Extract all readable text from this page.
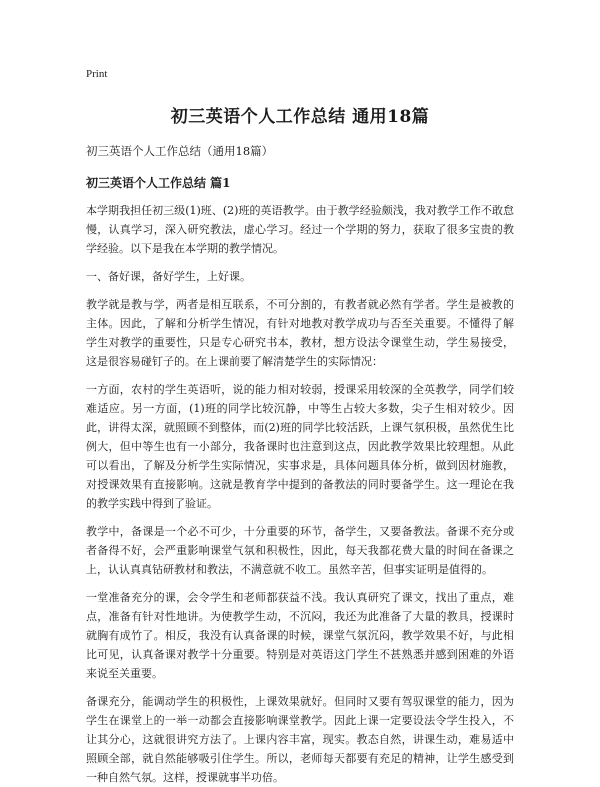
Print
初三英语个人工作总结 通用18篇

初三英语个人工作总结（通用18篇）

初三英语个人工作总结 篇1

本学期我担任初三级(1)班、(2)班的英语教学。由于教学经验颇浅，我对教学工作不敢怠慢，认真学习，深入研究教法，虚心学习。经过一个学期的努力，获取了很多宝贵的教学经验。以下是我在本学期的教学情况。

一、备好课，备好学生，上好课。

教学就是教与学，两者是相互联系，不可分割的，有教者就必然有学者。学生是被教的主体。因此，了解和分析学生情况，有针对地教对教学成功与否至关重要。不懂得了解学生对教学的重要性，只是专心研究书本，教材，想方设法令课堂生动，学生易接受，这是很容易碰钉子的。在上课前要了解清楚学生的实际情况：

一方面，农村的学生英语听，说的能力相对较弱，授课采用较深的全英教学，同学们较难适应。另一方面，(1)班的同学比较沉静，中等生占较大多数，尖子生相对较少。因此，讲得太深，就照顾不到整体，而(2)班的同学比较活跃，上课气氛积极，虽然优生比例大，但中等生也有一小部分，我备课时也注意到这点，因此教学效果比较理想。从此可以看出，了解及分析学生实际情况，实事求是，具体问题具体分析，做到因材施教，对授课效果有直接影响。这就是教育学中提到的备教法的同时要备学生。这一理论在我的教学实践中得到了验证。

教学中，备课是一个必不可少，十分重要的环节，备学生，又要备教法。备课不充分或者备得不好，会严重影响课堂气氛和积极性，因此，每天我都花费大量的时间在备课之上，认认真真钻研教材和教法，不满意就不收工。虽然辛苦，但事实证明是值得的。

一堂准备充分的课，会令学生和老师都获益不浅。我认真研究了课文，找出了重点，难点，准备有针对性地讲。为使教学生动，不沉闷，我还为此准备了大量的教具，授课时就胸有成竹了。相反，我没有认真备课的时候，课堂气氛沉闷，教学效果不好，与此相比可见，认真备课对教学十分重要。特别是对英语这门学生不甚熟悉并感到困难的外语来说至关重要。

备课充分，能调动学生的积极性，上课效果就好。但同时又要有驾驭课堂的能力，因为学生在课堂上的一举一动都会直接影响课堂教学。因此上课一定要设法令学生投入，不让其分心，这就很讲究方法了。上课内容丰富，现实。教态自然，讲课生动，难易适中照顾全部，就自然能够吸引住学生。所以，老师每天都要有充足的精神，让学生感受到一种自然气氛。这样，授课就事半功倍。
